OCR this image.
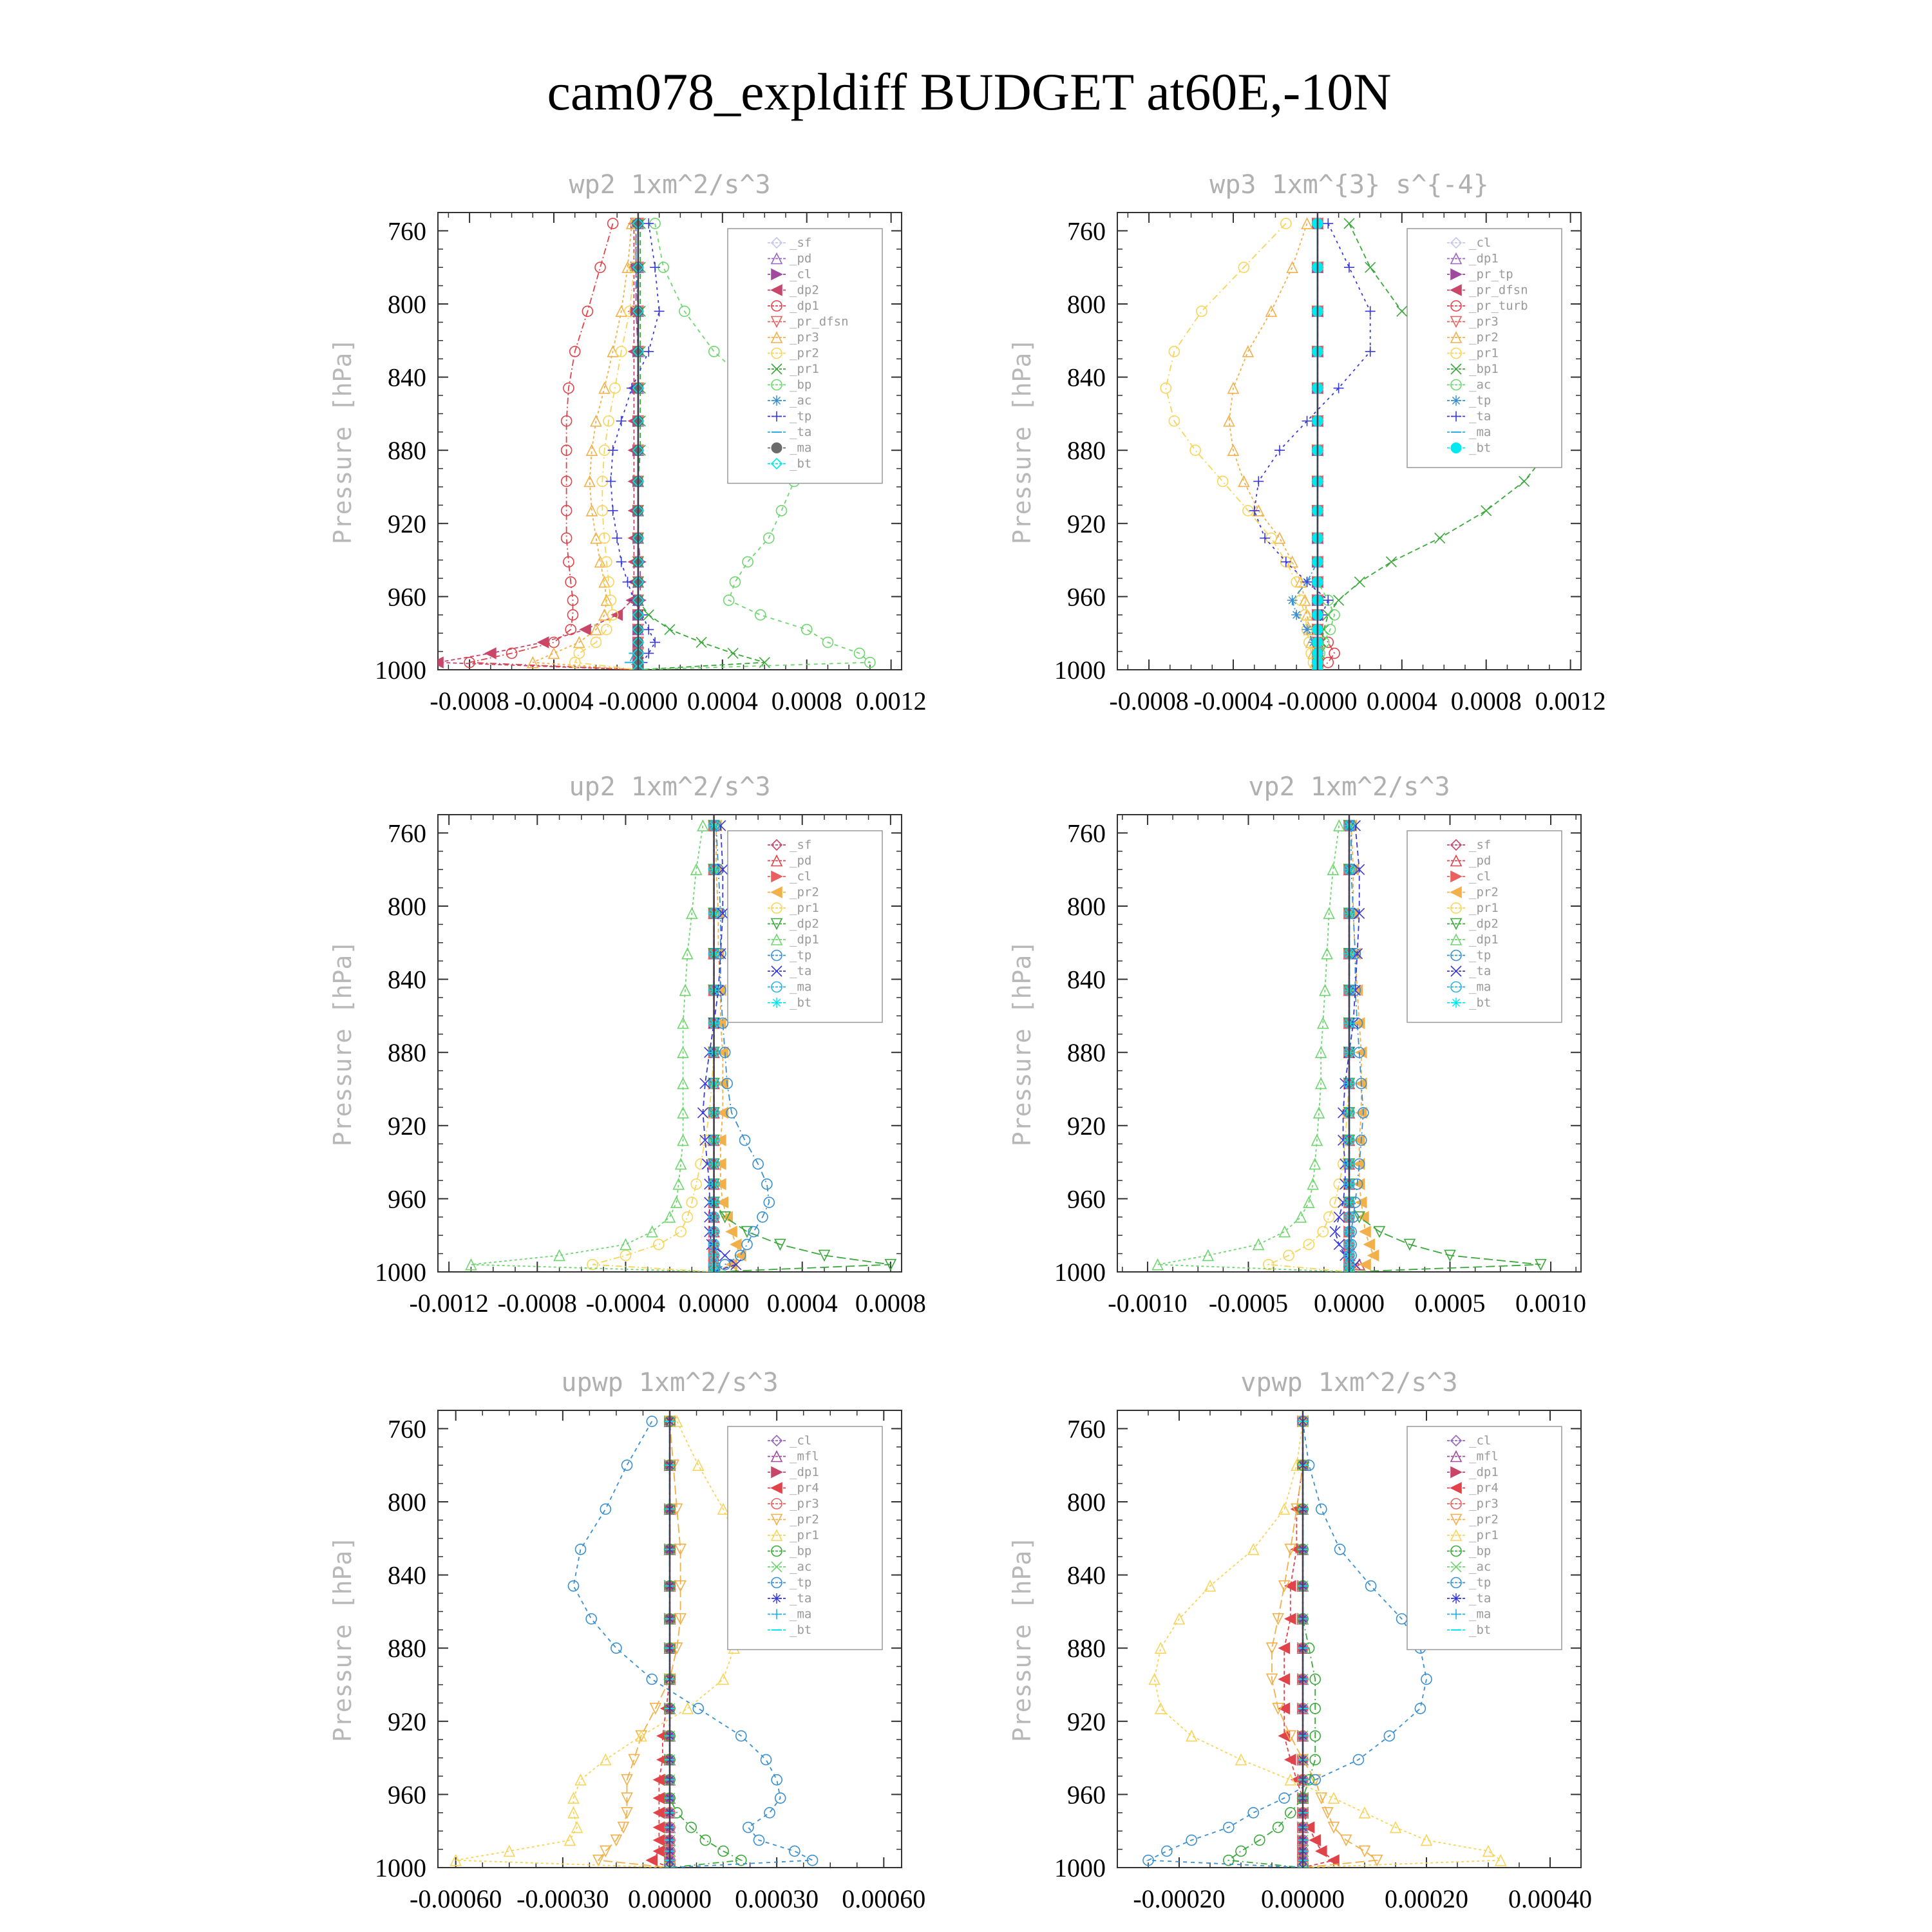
cam078_expldiff BUDGET at60E,-10N
wp2 1xm^2/s^3
Pressure [hPa]
760
800
840
880
920
960
1000
-0.0008 -0.0004 -0.0000 0.0004 0.0008 0.0012
_sf
_pd
_cl
_dp2
_dp1
_pr_dfsn
_pr3
_pr2
_pr1
_bp
_ac
_tp
_ta
_ma
_bt
wp3 1xm^{3} s^{-4}
Pressure [hPa]
760
800
840
880
920
960
1000
-0.0008 -0.0004 -0.0000 0.0004 0.0008 0.0012
_cl
_dp1
_pr_tp
_pr_dfsn
_pr_turb
_pr3
_pr2
_pr1
_bp1
_ac
_tp
_ta
_ma
_bt
up2 1xm^2/s^3
Pressure [hPa]
760
800
840
880
920
960
1000
-0.0012 -0.0008 -0.0004 0.0000 0.0004 0.0008
_sf
_pd
_cl
_pr2
_pr1
_dp2
_dp1
_tp
_ta
_ma
_bt
vp2 1xm^2/s^3
Pressure [hPa]
760
800
840
880
920
960
1000
-0.0010 -0.0005 0.0000 0.0005 0.0010
_sf
_pd
_cl
_pr2
_pr1
_dp2
_dp1
_tp
_ta
_ma
_bt
upwp 1xm^2/s^3
Pressure [hPa]
760
800
840
880
920
960
1000
-0.00060 -0.00030 0.00000 0.00030 0.00060
_cl
_mfl
_dp1
_pr4
_pr3
_pr2
_pr1
_bp
_ac
_tp
_ta
_ma
_bt
vpwp 1xm^2/s^3
Pressure [hPa]
760
800
840
880
920
960
1000
-0.00020 0.00000 0.00020 0.00040
_cl
_mfl
_dp1
_pr4
_pr3
_pr2
_pr1
_bp
_ac
_tp
_ta
_ma
_bt
